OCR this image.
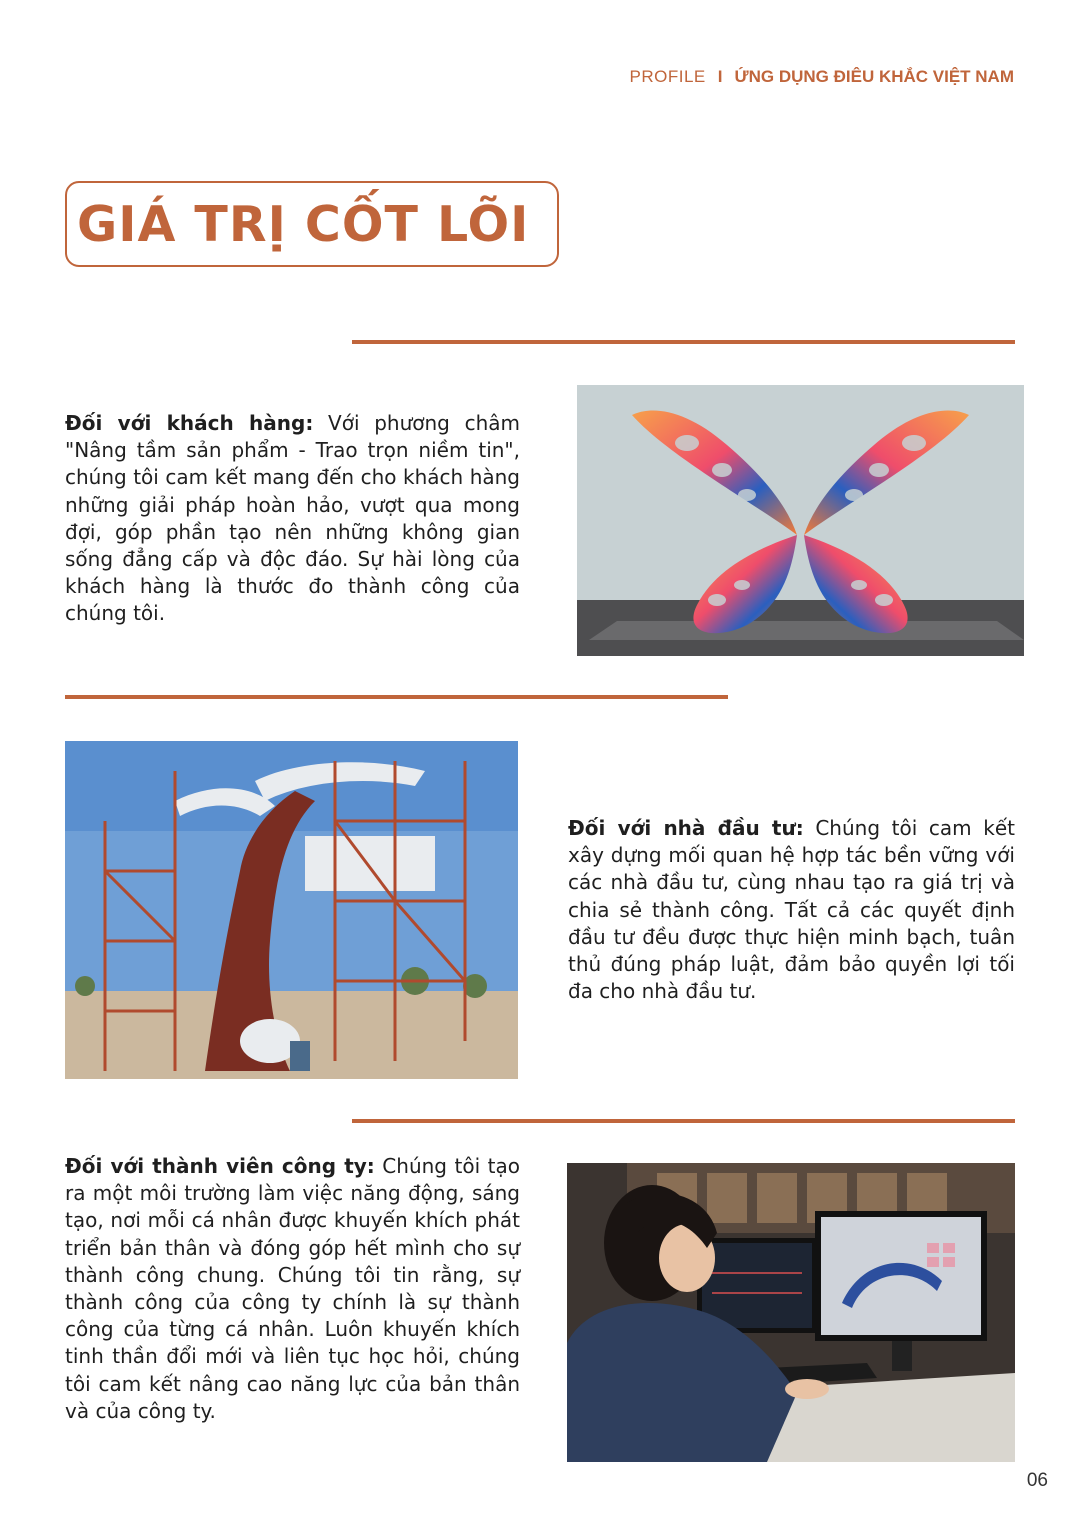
PROFILE I ỨNG DỤNG ĐIÊU KHẮC VIỆT NAM
GIÁ TRỊ CỐT LÕI

Đối với khách hàng: Với phương châm "Nâng tầm sản phẩm - Trao trọn niềm tin", chúng tôi cam kết mang đến cho khách hàng những giải pháp hoàn hảo, vượt qua mong đợi, góp phần tạo nên những không gian sống đẳng cấp và độc đáo. Sự hài lòng của khách hàng là thước đo thành công của chúng tôi.

Đối với nhà đầu tư: Chúng tôi cam kết xây dựng mối quan hệ hợp tác bền vững với các nhà đầu tư, cùng nhau tạo ra giá trị và chia sẻ thành công. Tất cả các quyết định đầu tư đều được thực hiện minh bạch, tuân thủ đúng pháp luật, đảm bảo quyền lợi tối đa cho nhà đầu tư.

Đối với thành viên công ty: Chúng tôi tạo ra một môi trường làm việc năng động, sáng tạo, nơi mỗi cá nhân được khuyến khích phát triển bản thân và đóng góp hết mình cho sự thành công chung. Chúng tôi tin rằng, sự thành công của công ty chính là sự thành công của từng cá nhân. Luôn khuyến khích tinh thần đổi mới và liên tục học hỏi, chúng tôi cam kết nâng cao năng lực của bản thân và của công ty.

06
